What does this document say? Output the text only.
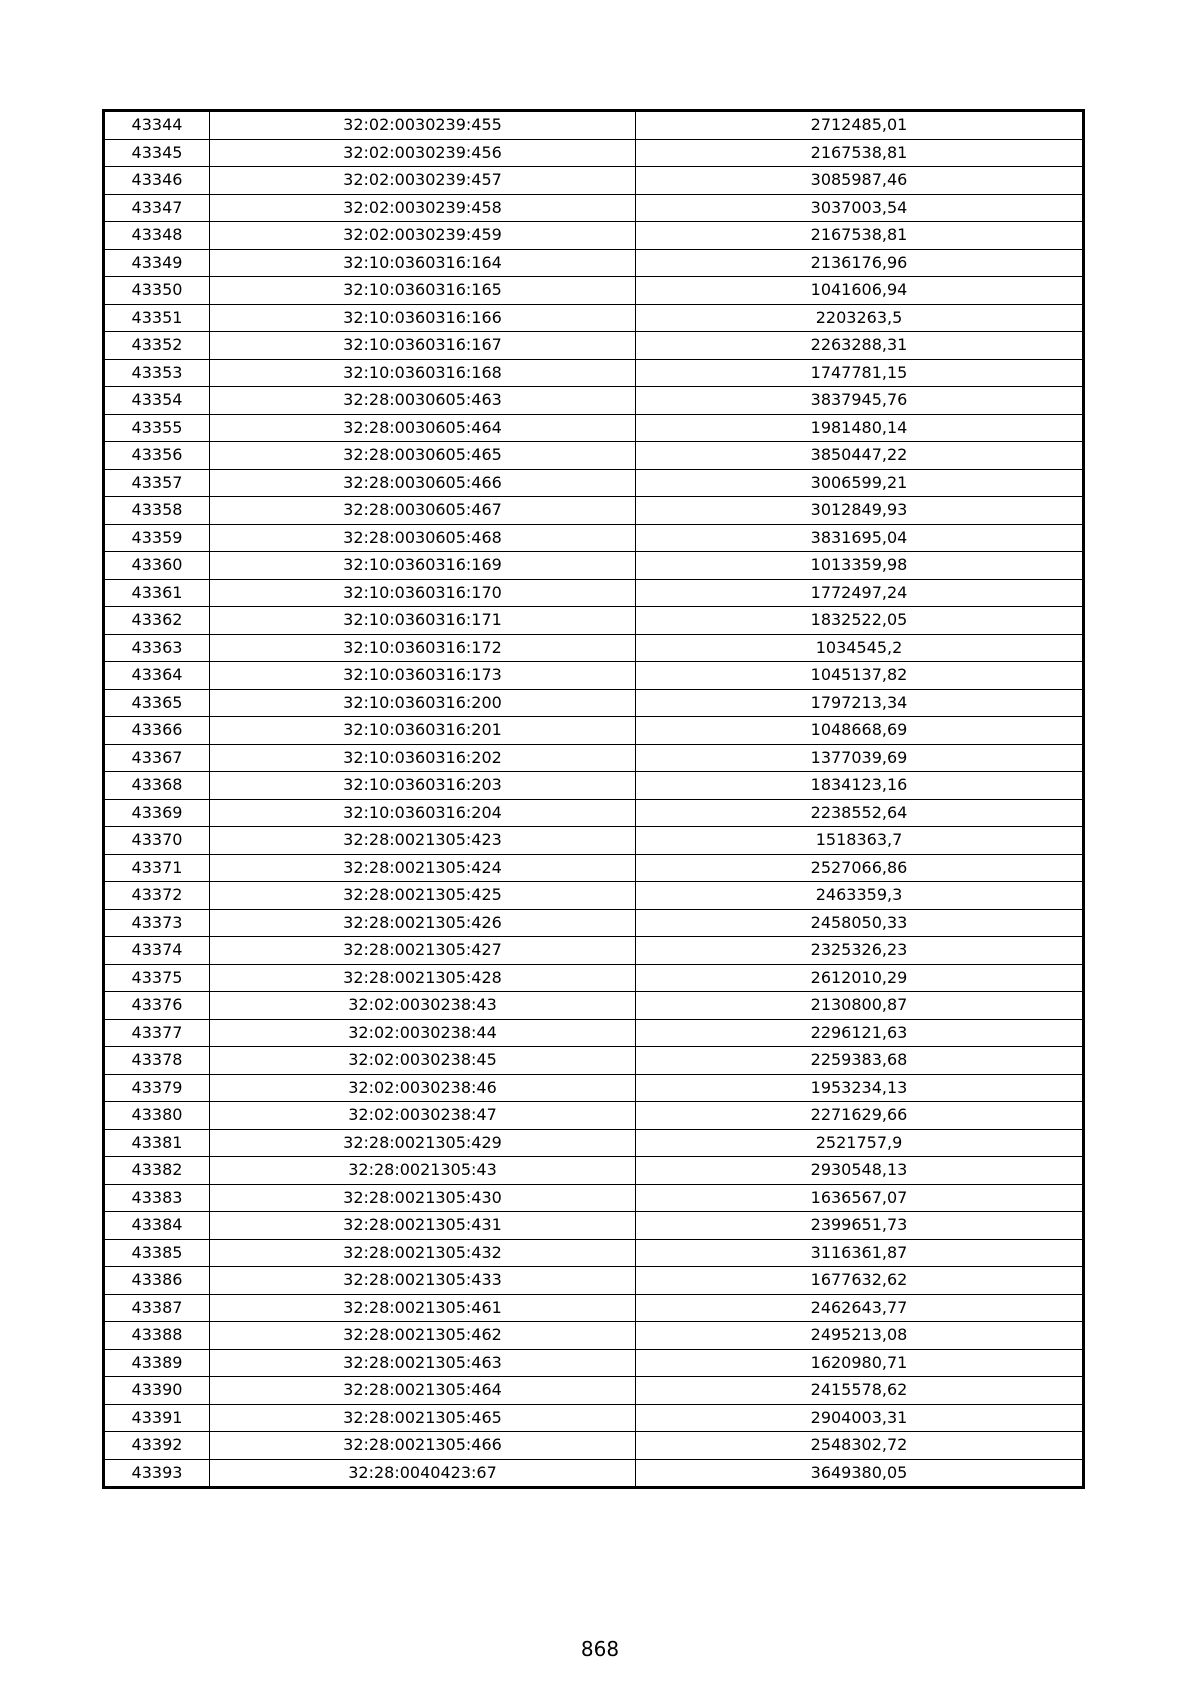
43344	32:02:0030239:455	2712485,01
43345	32:02:0030239:456	2167538,81
43346	32:02:0030239:457	3085987,46
43347	32:02:0030239:458	3037003,54
43348	32:02:0030239:459	2167538,81
43349	32:10:0360316:164	2136176,96
43350	32:10:0360316:165	1041606,94
43351	32:10:0360316:166	2203263,5
43352	32:10:0360316:167	2263288,31
43353	32:10:0360316:168	1747781,15
43354	32:28:0030605:463	3837945,76
43355	32:28:0030605:464	1981480,14
43356	32:28:0030605:465	3850447,22
43357	32:28:0030605:466	3006599,21
43358	32:28:0030605:467	3012849,93
43359	32:28:0030605:468	3831695,04
43360	32:10:0360316:169	1013359,98
43361	32:10:0360316:170	1772497,24
43362	32:10:0360316:171	1832522,05
43363	32:10:0360316:172	1034545,2
43364	32:10:0360316:173	1045137,82
43365	32:10:0360316:200	1797213,34
43366	32:10:0360316:201	1048668,69
43367	32:10:0360316:202	1377039,69
43368	32:10:0360316:203	1834123,16
43369	32:10:0360316:204	2238552,64
43370	32:28:0021305:423	1518363,7
43371	32:28:0021305:424	2527066,86
43372	32:28:0021305:425	2463359,3
43373	32:28:0021305:426	2458050,33
43374	32:28:0021305:427	2325326,23
43375	32:28:0021305:428	2612010,29
43376	32:02:0030238:43	2130800,87
43377	32:02:0030238:44	2296121,63
43378	32:02:0030238:45	2259383,68
43379	32:02:0030238:46	1953234,13
43380	32:02:0030238:47	2271629,66
43381	32:28:0021305:429	2521757,9
43382	32:28:0021305:43	2930548,13
43383	32:28:0021305:430	1636567,07
43384	32:28:0021305:431	2399651,73
43385	32:28:0021305:432	3116361,87
43386	32:28:0021305:433	1677632,62
43387	32:28:0021305:461	2462643,77
43388	32:28:0021305:462	2495213,08
43389	32:28:0021305:463	1620980,71
43390	32:28:0021305:464	2415578,62
43391	32:28:0021305:465	2904003,31
43392	32:28:0021305:466	2548302,72
43393	32:28:0040423:67	3649380,05
868
